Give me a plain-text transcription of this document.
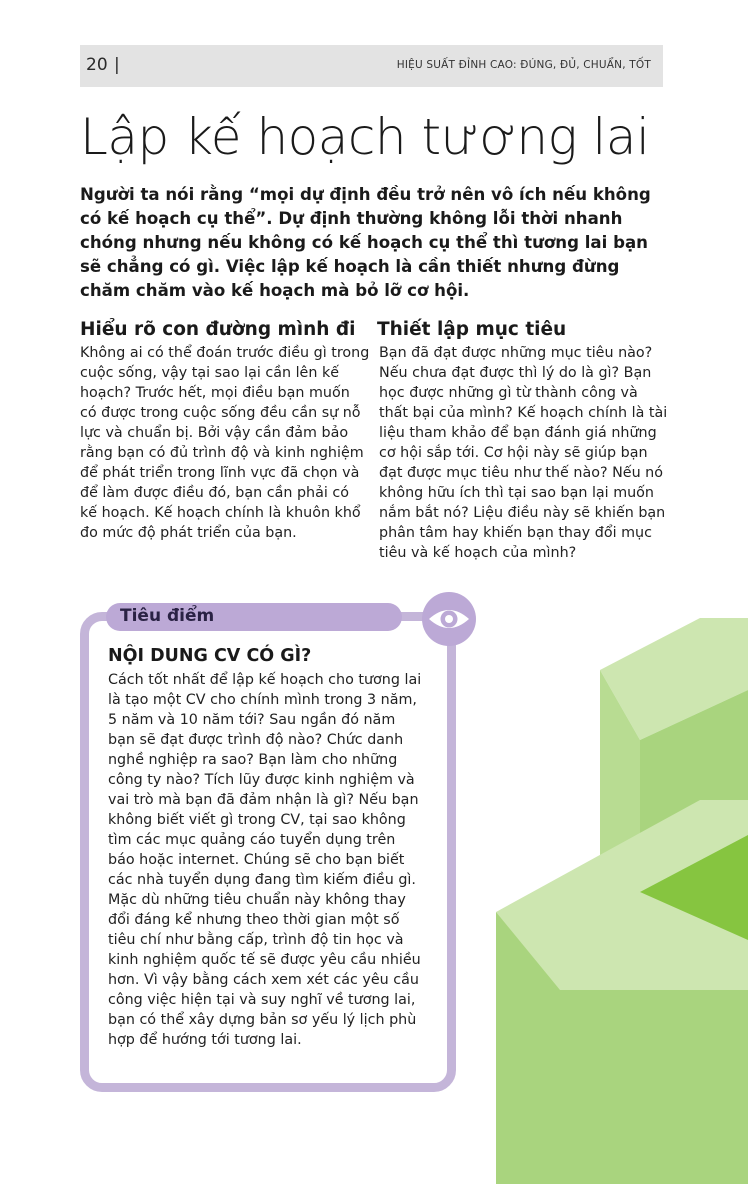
20 |	HIỆU SUẤT ĐỈNH CAO: ĐÚNG, ĐỦ, CHUẨN, TỐT
Lập kế hoạch tương lai
Người ta nói rằng “mọi dự định đều trở nên vô ích nếu không có kế hoạch cụ thể”. Dự định thường không lỗi thời nhanh chóng nhưng nếu không có kế hoạch cụ thể thì tương lai bạn sẽ chẳng có gì. Việc lập kế hoạch là cần thiết nhưng đừng chăm chăm vào kế hoạch mà bỏ lỡ cơ hội.
Hiểu rõ con đường mình đi
Không ai có thể đoán trước điều gì trong cuộc sống, vậy tại sao lại cần lên kế hoạch? Trước hết, mọi điều bạn muốn có được trong cuộc sống đều cần sự nỗ lực và chuẩn bị. Bởi vậy cần đảm bảo rằng bạn có đủ trình độ và kinh nghiệm để phát triển trong lĩnh vực đã chọn và để làm được điều đó, bạn cần phải có kế hoạch. Kế hoạch chính là khuôn khổ đo mức độ phát triển của bạn.
Thiết lập mục tiêu
Bạn đã đạt được những mục tiêu nào? Nếu chưa đạt được thì lý do là gì? Bạn học được những gì từ thành công và thất bại của mình? Kế hoạch chính là tài liệu tham khảo để bạn đánh giá những cơ hội sắp tới. Cơ hội này sẽ giúp bạn đạt được mục tiêu như thế nào? Nếu nó không hữu ích thì tại sao bạn lại muốn nắm bắt nó? Liệu điều này sẽ khiến bạn phân tâm hay khiến bạn thay đổi mục tiêu và kế hoạch của mình?
Tiêu điểm
NỘI DUNG CV CÓ GÌ?
Cách tốt nhất để lập kế hoạch cho tương lai là tạo một CV cho chính mình trong 3 năm, 5 năm và 10 năm tới? Sau ngần đó năm bạn sẽ đạt được trình độ nào? Chức danh nghề nghiệp ra sao? Bạn làm cho những công ty nào? Tích lũy được kinh nghiệm và vai trò mà bạn đã đảm nhận là gì? Nếu bạn không biết viết gì trong CV, tại sao không tìm các mục quảng cáo tuyển dụng trên báo hoặc internet. Chúng sẽ cho bạn biết các nhà tuyển dụng đang tìm kiếm điều gì. Mặc dù những tiêu chuẩn này không thay đổi đáng kể nhưng theo thời gian một số tiêu chí như bằng cấp, trình độ tin học và kinh nghiệm quốc tế sẽ được yêu cầu nhiều hơn. Vì vậy bằng cách xem xét các yêu cầu công việc hiện tại và suy nghĩ về tương lai, bạn có thể xây dựng bản sơ yếu lý lịch phù hợp để hướng tới tương lai.
